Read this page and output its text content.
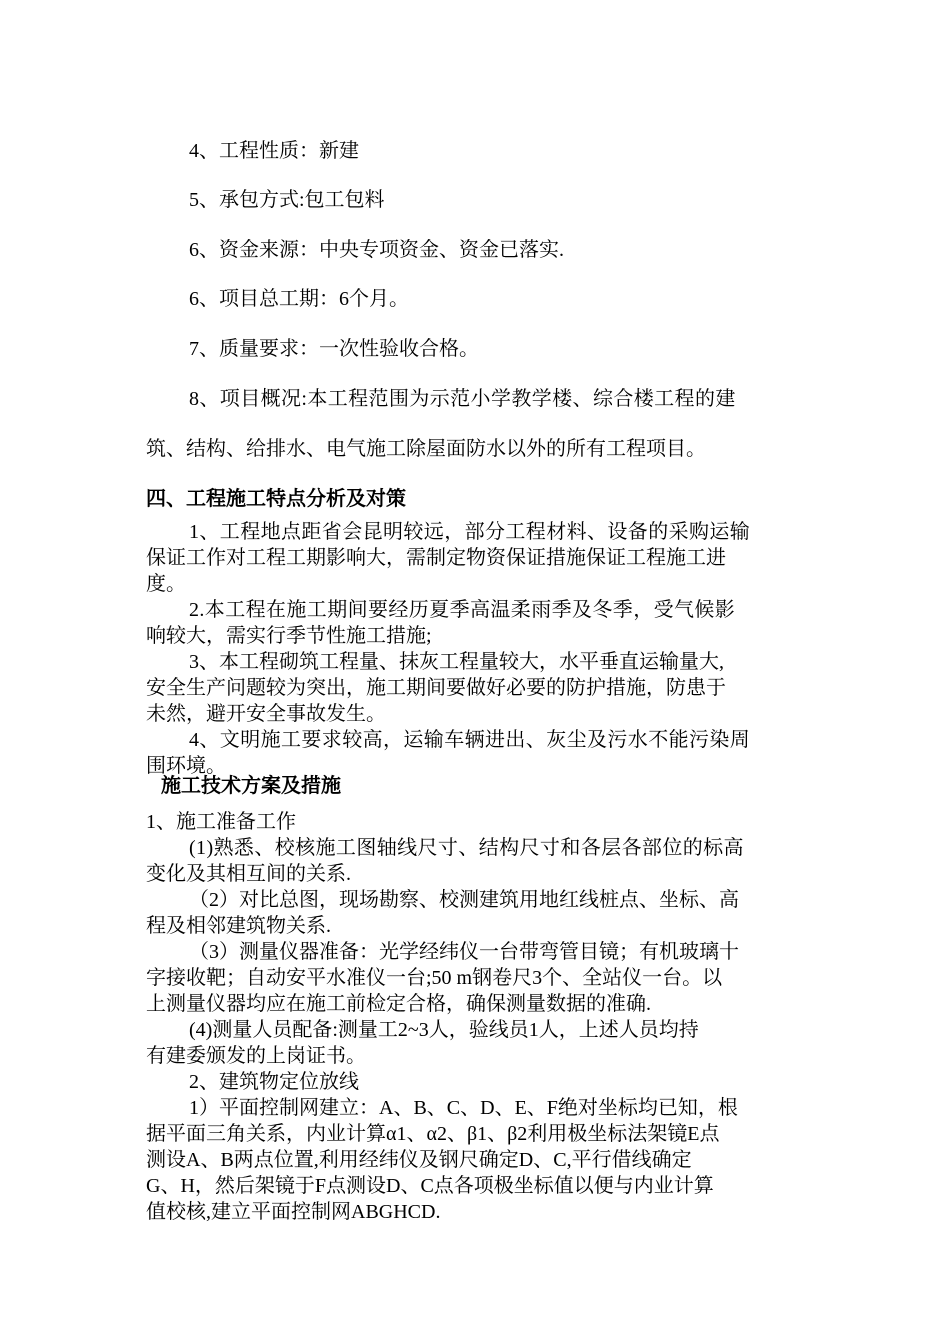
4、工程性质：新建
5、承包方式:包工包料
6、资金来源：中央专项资金、资金已落实.
6、项目总工期：6个月。
7、质量要求：一次性验收合格。
8、项目概况:本工程范围为示范小学教学楼、综合楼工程的建
筑、结构、给排水、电气施工除屋面防水以外的所有工程项目。
四、工程施工特点分析及对策
1、工程地点距省会昆明较远，部分工程材料、设备的采购运输
保证工作对工程工期影响大，需制定物资保证措施保证工程施工进
度。
2.本工程在施工期间要经历夏季高温柔雨季及冬季，受气候影
响较大，需实行季节性施工措施;
3、本工程砌筑工程量、抹灰工程量较大，水平垂直运输量大,
安全生产问题较为突出，施工期间要做好必要的防护措施，防患于
未然，避开安全事故发生。
4、文明施工要求较高，运输车辆进出、灰尘及污水不能污染周
围环境。
施工技术方案及措施
1、施工准备工作
(1)熟悉、校核施工图轴线尺寸、结构尺寸和各层各部位的标高
变化及其相互间的关系.
（2）对比总图，现场勘察、校测建筑用地红线桩点、坐标、高
程及相邻建筑物关系.
（3）测量仪器准备：光学经纬仪一台带弯管目镜；有机玻璃十
字接收靶；自动安平水准仪一台;50 m钢卷尺3个、全站仪一台。以
上测量仪器均应在施工前检定合格，确保测量数据的准确.
(4)测量人员配备:测量工2~3人，验线员1人，上述人员均持
有建委颁发的上岗证书。
2、建筑物定位放线
1）平面控制网建立：A、B、C、D、E、F绝对坐标均已知，根
据平面三角关系，内业计算α1、α2、β1、β2利用极坐标法架镜E点
测设A、B两点位置,利用经纬仪及钢尺确定D、C,平行借线确定
G、H，然后架镜于F点测设D、C点各项极坐标值以便与内业计算
值校核,建立平面控制网ABGHCD.
